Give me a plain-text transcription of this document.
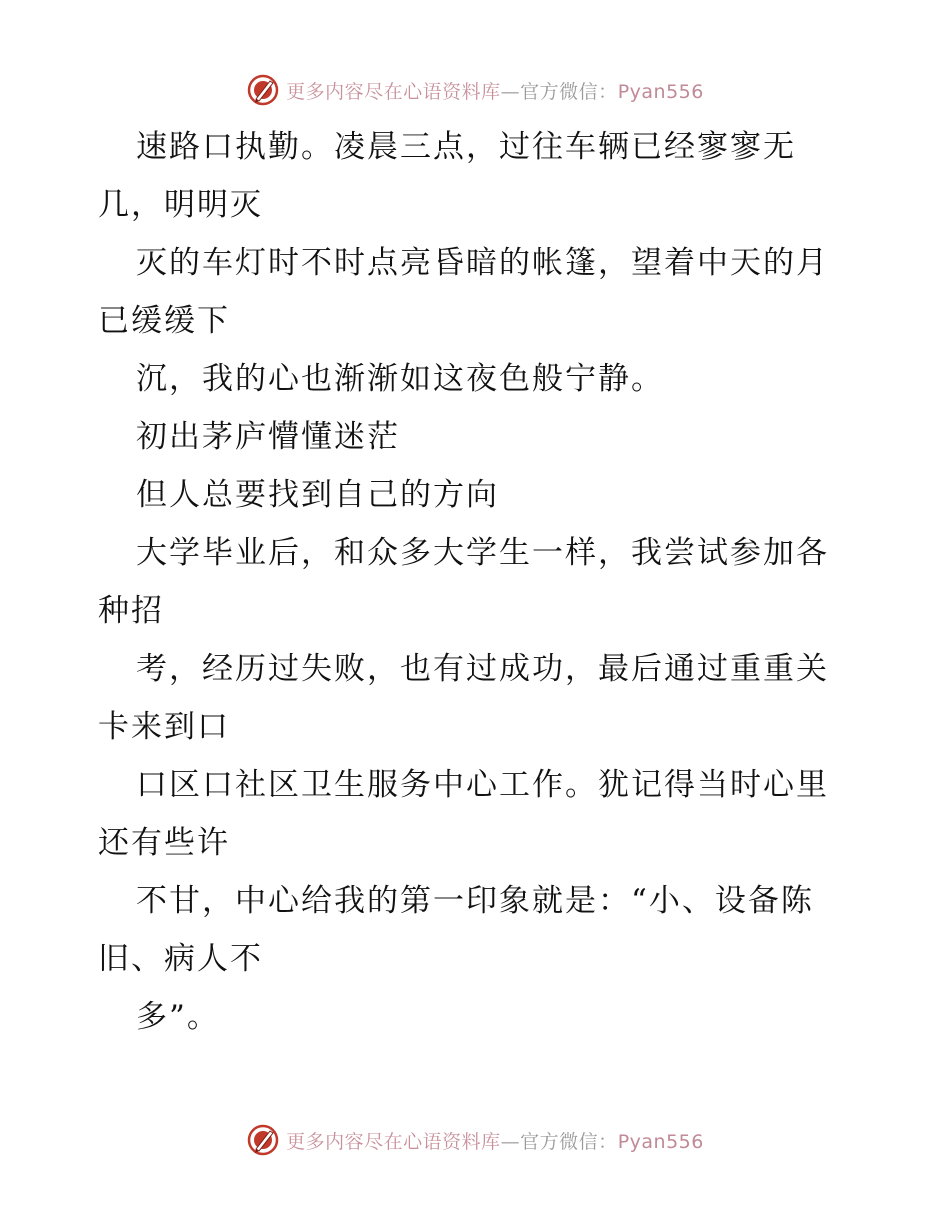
更多内容尽在心语资料库—官方微信：Pyan556
速路口执勤。凌晨三点，过往车辆已经寥寥无
几，明明灭
灭的车灯时不时点亮昏暗的帐篷，望着中天的月
已缓缓下
沉，我的心也渐渐如这夜色般宁静。
初出茅庐懵懂迷茫
但人总要找到自己的方向
大学毕业后，和众多大学生一样，我尝试参加各
种招
考，经历过失败，也有过成功，最后通过重重关
卡来到口
口区口社区卫生服务中心工作。犹记得当时心里
还有些许
不甘，中心给我的第一印象就是：“小、设备陈
旧、病人不
多”。
更多内容尽在心语资料库—官方微信：Pyan556
